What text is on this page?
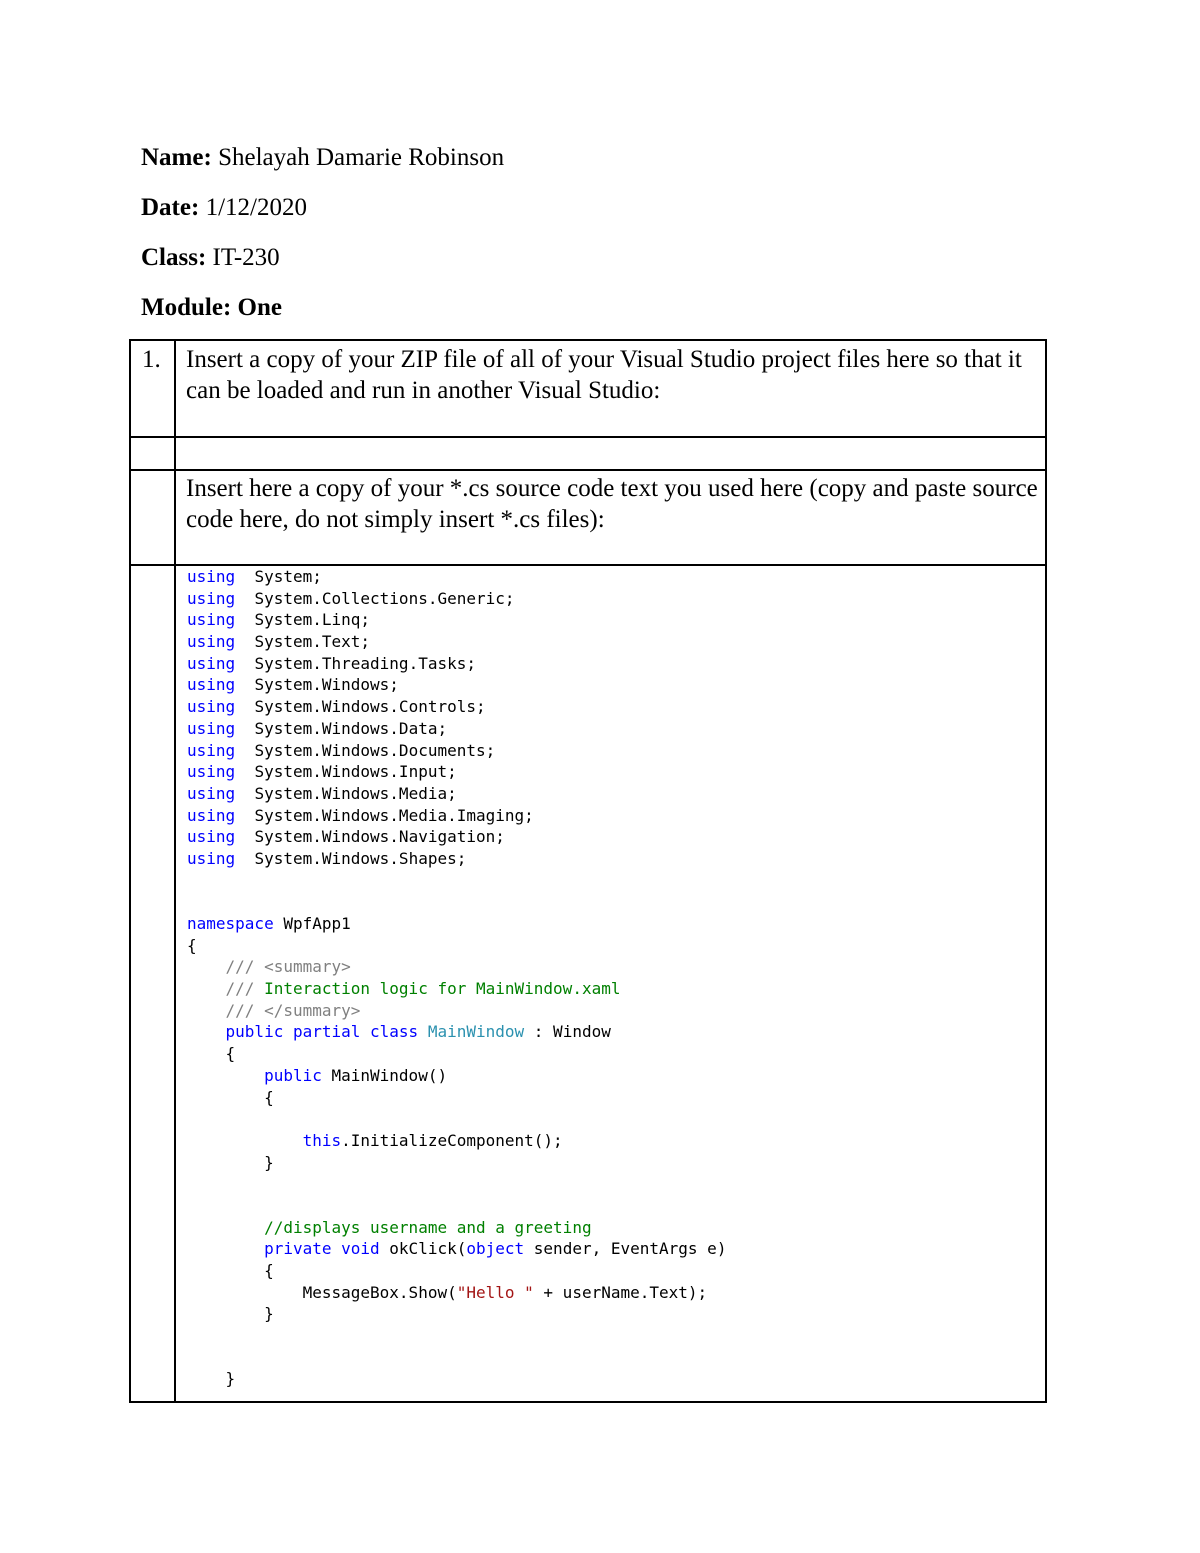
Name: Shelayah Damarie Robinson
Date: 1/12/2020
Class: IT-230
Module: One
1. Insert a copy of your ZIP file of all of your Visual Studio project files here so that it can be loaded and run in another Visual Studio:
Insert here a copy of your *.cs source code text you used here (copy and paste source code here, do not simply insert *.cs files):
using  System;
using  System.Collections.Generic;
using  System.Linq;
using  System.Text;
using  System.Threading.Tasks;
using  System.Windows;
using  System.Windows.Controls;
using  System.Windows.Data;
using  System.Windows.Documents;
using  System.Windows.Input;
using  System.Windows.Media;
using  System.Windows.Media.Imaging;
using  System.Windows.Navigation;
using  System.Windows.Shapes;

namespace WpfApp1
{
/// <summary>
/// Interaction logic for MainWindow.xaml
/// </summary>
public partial class MainWindow : Window
{
public MainWindow()
{

this.InitializeComponent();
}

//displays username and a greeting
private void okClick(object sender, EventArgs e)
{
MessageBox.Show("Hello " + userName.Text);
}

}
